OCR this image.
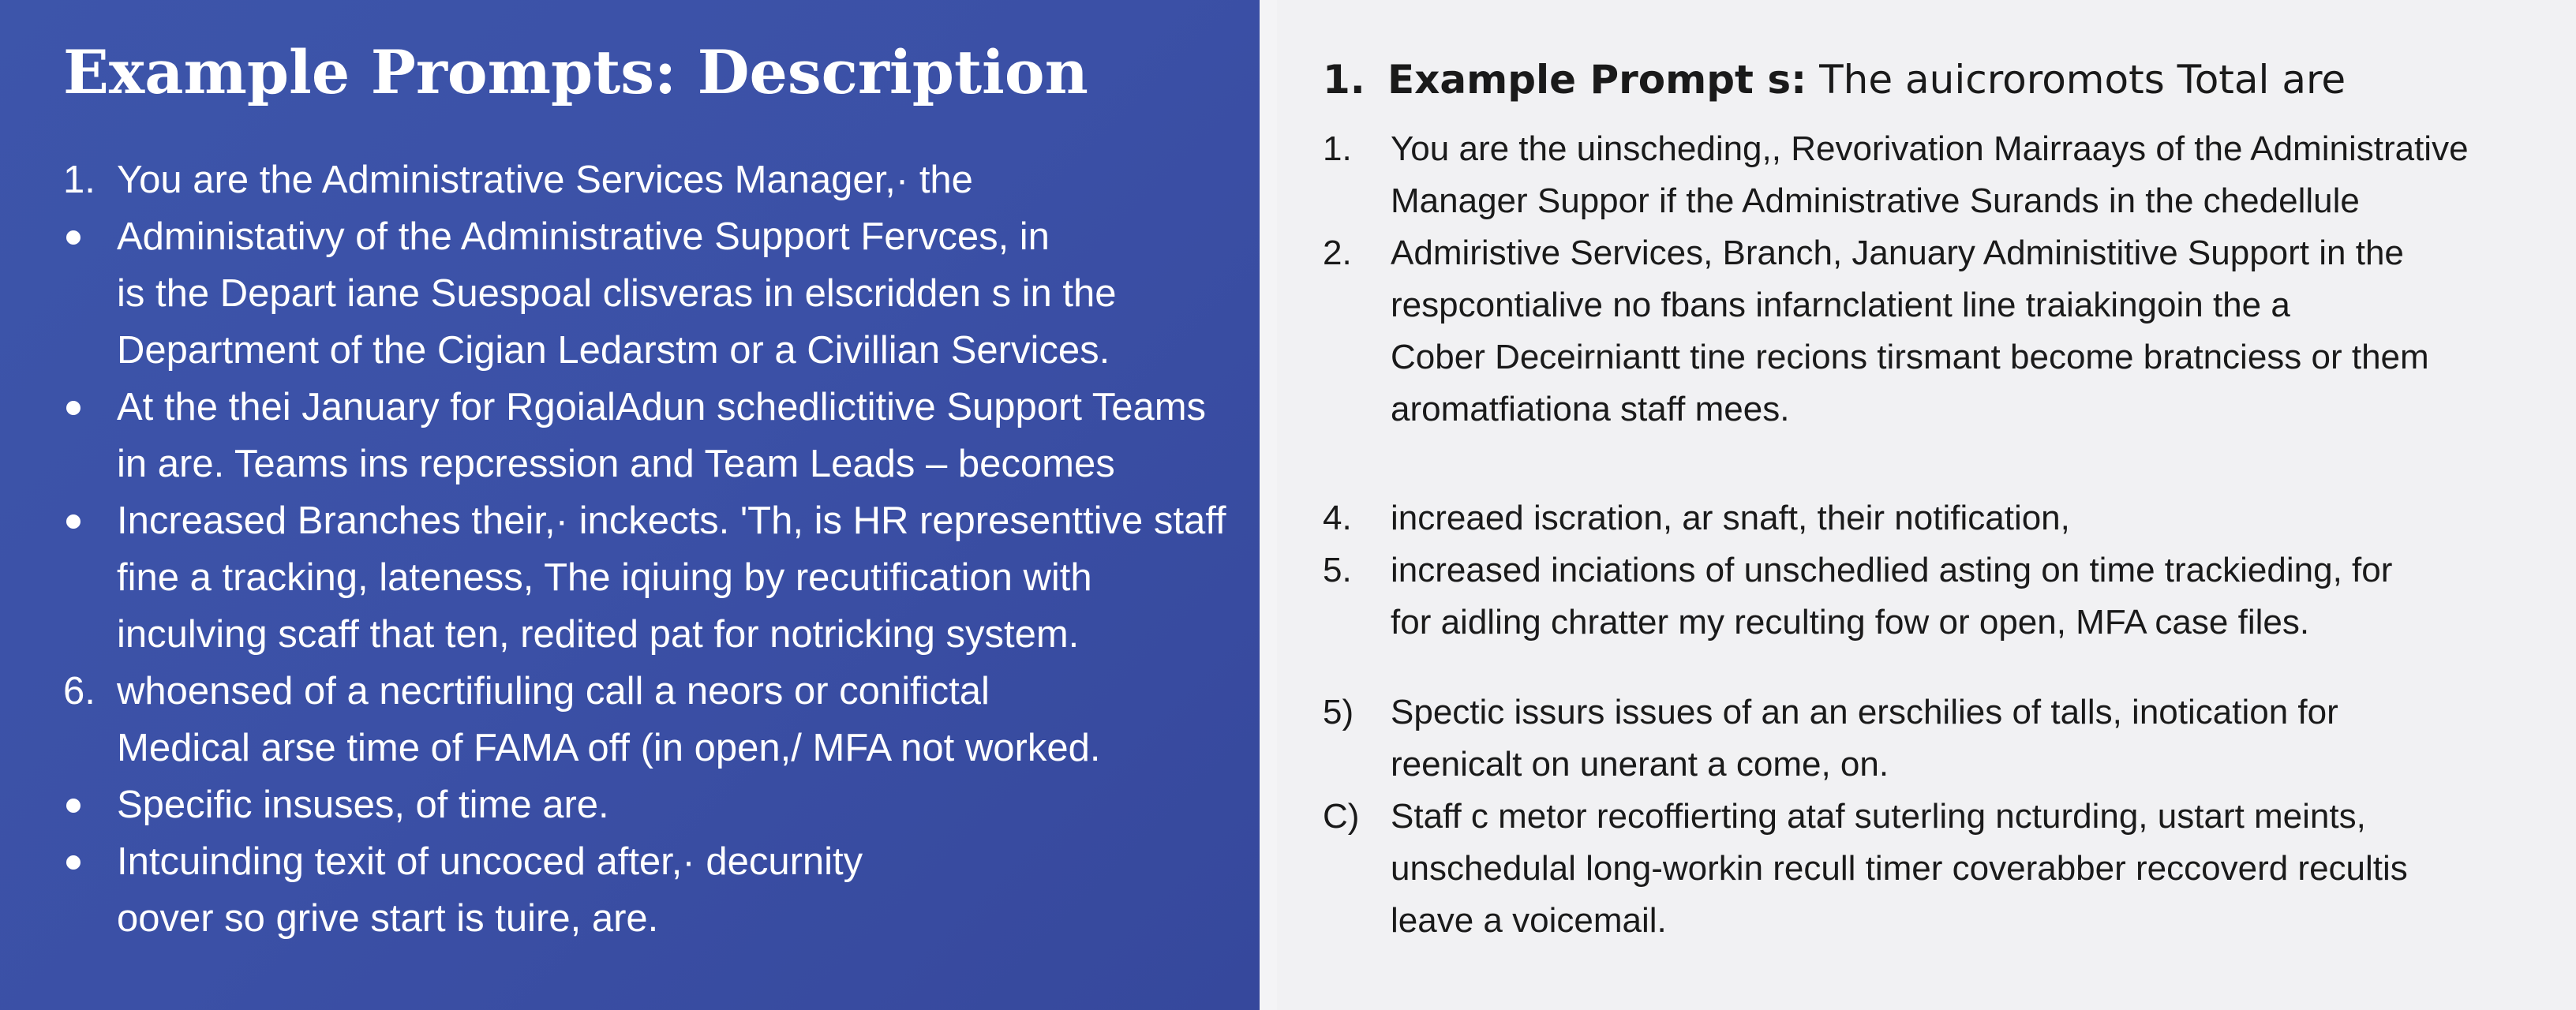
Example Prompts: Description
1. You are the Administrative Services Manager,· the
Administativy of the Administrative Support Fervces, in
is the Depart iane Suespoal clisveras in elscridden s in the
Department of the Cigian Ledarstm or a Civillian Services.
At the thei January for RgoialAdun schedlictitive Support Teams
in are. Teams ins repcression and Team Leads – becomes
Increased Branches their,· inckects. 'Th, is HR representtive staff
fine a tracking, lateness, The iqiuing by recutification with
inculving scaff that ten, redited pat for notricking system.
6. whoensed of a necrtifiuling call a neors or conifictal
Medical arse time of FAMA off (in open,/ MFA not worked.
Specific insuses, of time are.
Intcuinding texit of uncoced after,· decurnity
oover so grive start is tuire, are.
1. Example Prompt s: The auicroromots Total are
1.	You are the uinscheding,, Revorivation Mairraays of the Administrative
Manager Suppor if the Administrative Surands in the chedellule
2.	Admiristive Services, Branch, January Administitive Support in the
respcontialive no fbans infarnclatient line traiakingoin the a
Cober Deceirniantt tine recions tirsmant become bratnciess or them
aromatfiationa staff mees.
4.	increaed iscration, ar snaft, their notification,
5.	increased inciations of unschedlied asting on time trackieding, for
for aidling chratter my reculting fow or open, MFA case files.
5)	Spectic issurs issues of an an erschilies of talls, inotication for
reenicalt on unerant a come, on.
C) Staff c metor recoffierting ataf suterling ncturding, ustart meints,
unschedulal long-workin recull timer coverabber reccoverd recultis
leave a voicemail.
